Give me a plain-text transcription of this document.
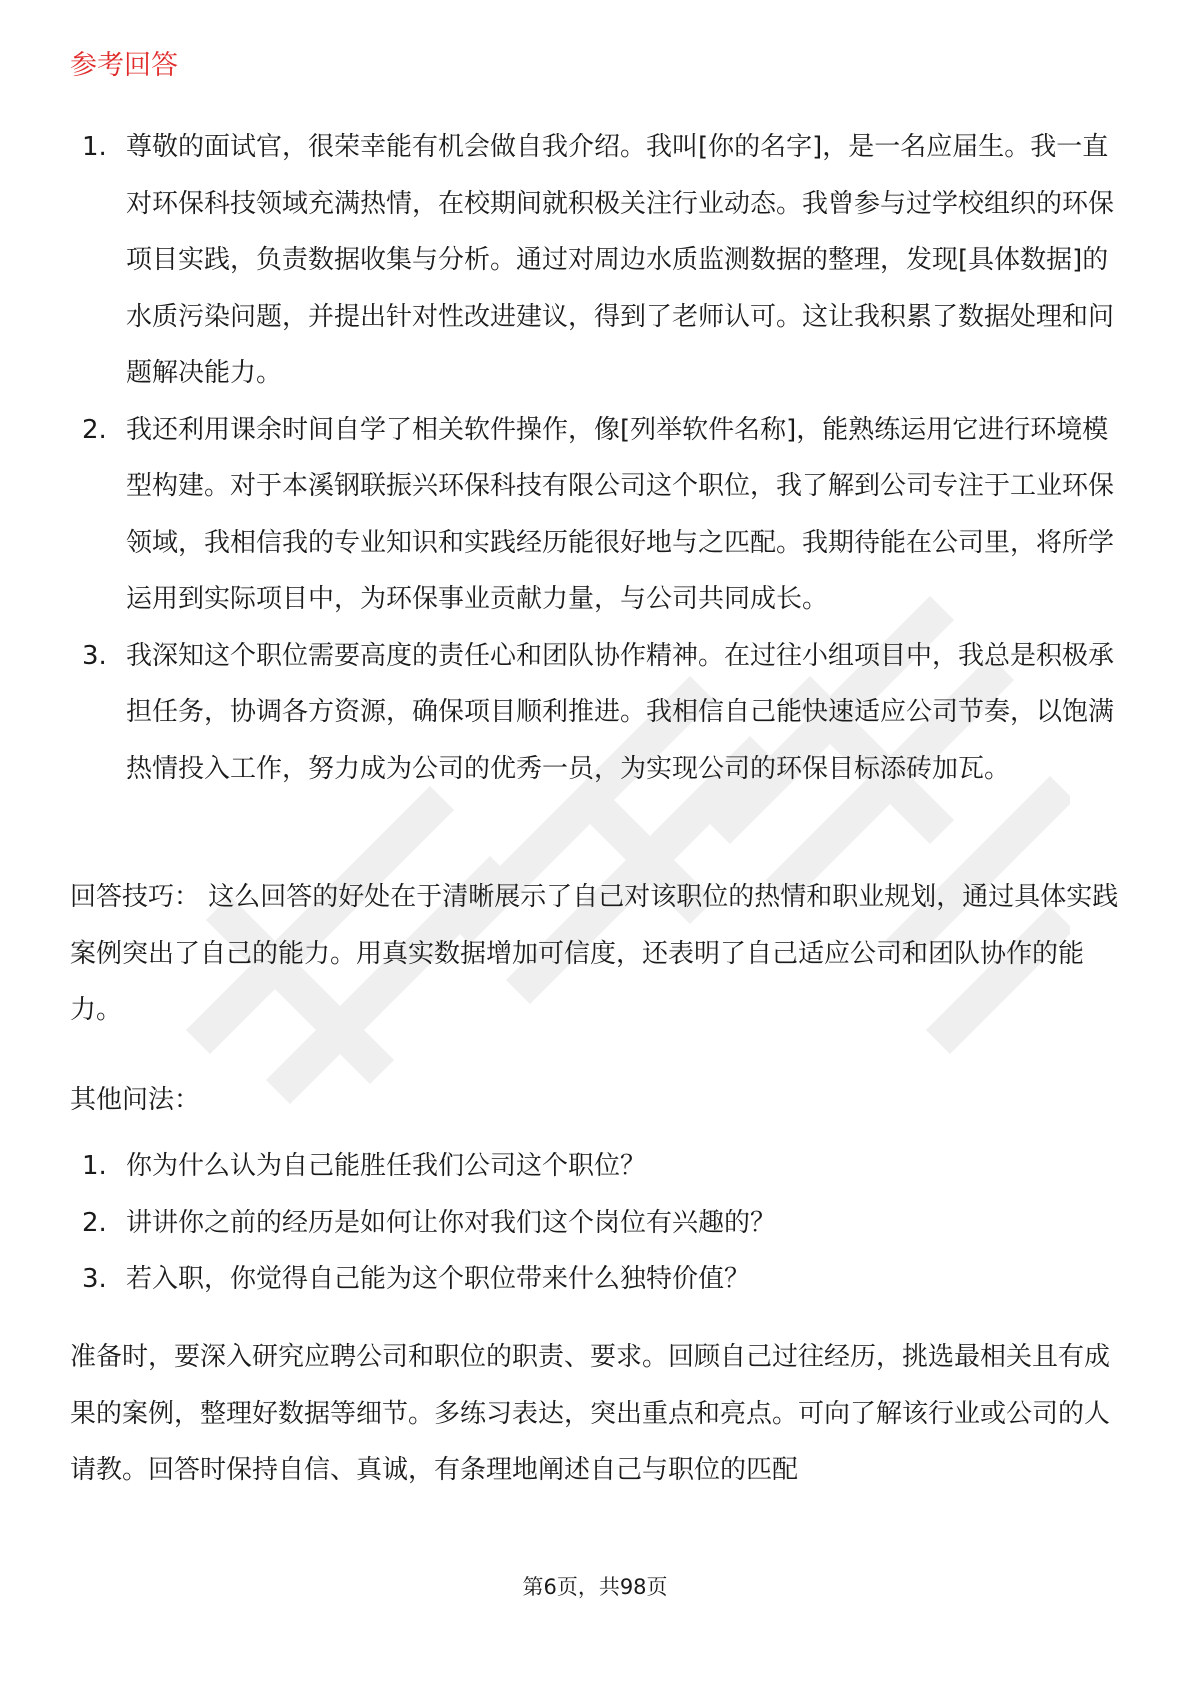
参考回答
1. 尊敬的面试官，很荣幸能有机会做自我介绍。我叫[你的名字]，是一名应届生。我一直对环保科技领域充满热情，在校期间就积极关注行业动态。我曾参与过学校组织的环保项目实践，负责数据收集与分析。通过对周边水质监测数据的整理，发现[具体数据]的水质污染问题，并提出针对性改进建议，得到了老师认可。这让我积累了数据处理和问题解决能力。
2. 我还利用课余时间自学了相关软件操作，像[列举软件名称]，能熟练运用它进行环境模型构建。对于本溪钢联振兴环保科技有限公司这个职位，我了解到公司专注于工业环保领域，我相信我的专业知识和实践经历能很好地与之匹配。我期待能在公司里，将所学运用到实际项目中，为环保事业贡献力量，与公司共同成长。
3. 我深知这个职位需要高度的责任心和团队协作精神。在过往小组项目中，我总是积极承担任务，协调各方资源，确保项目顺利推进。我相信自己能快速适应公司节奏，以饱满热情投入工作，努力成为公司的优秀一员，为实现公司的环保目标添砖加瓦。

回答技巧： 这么回答的好处在于清晰展示了自己对该职位的热情和职业规划，通过具体实践案例突出了自己的能力。用真实数据增加可信度，还表明了自己适应公司和团队协作的能力。

其他问法：

1. 你为什么认为自己能胜任我们公司这个职位？
2. 讲讲你之前的经历是如何让你对我们这个岗位有兴趣的？
3. 若入职，你觉得自己能为这个职位带来什么独特价值？

准备时，要深入研究应聘公司和职位的职责、要求。回顾自己过往经历，挑选最相关且有成果的案例，整理好数据等细节。多练习表达，突出重点和亮点。可向了解该行业或公司的人请教。回答时保持自信、真诚，有条理地阐述自己与职位的匹配

第6页，共98页
